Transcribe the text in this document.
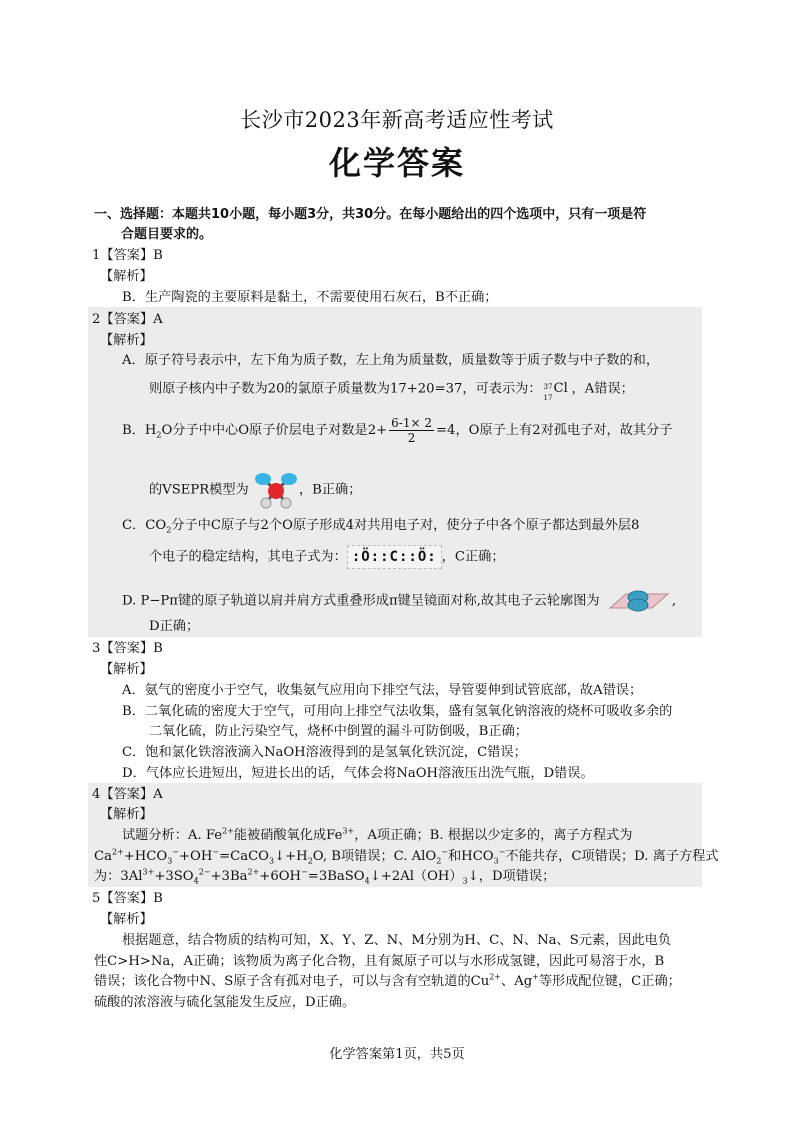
长沙市2023年新高考适应性考试
化学答案
一、选择题：本题共10小题，每小题3分，共30分。在每小题给出的四个选项中，只有一项是符
合题目要求的。
1【答案】B
【解析】
B．生产陶瓷的主要原料是黏土，不需要使用石灰石，B不正确；
2【答案】A
【解析】
A．原子符号表示中，左下角为质子数，左上角为质量数，质量数等于质子数与中子数的和，
则原子核内中子数为20的氯原子质量数为17+20=37，可表示为： 37
17
Cl ，A错误；
B．$H_2O$分子中中心O原子价层电子对数是$2+ \frac{6-1\times 2}{2} =4$，O原子上有2对孤电子对，故其分子
的VSEPR模型为	，B正确；
C．$CO_2$分子中C原子与2个O原子形成4对共用电子对，使分子中各个原子都达到最外层8
个电子的稳定结构，其电子式为： :Ö::C::Ö: ，C正确；
D. P−Pπ键的原子轨道以肩并肩方式重叠形成π键呈镜面对称,故其电子云轮廓图为	,
D正确；
3【答案】B
【解析】
A．氨气的密度小于空气，收集氨气应用向下排空气法，导管要伸到试管底部，故A错误；
B．二氧化硫的密度大于空气，可用向上排空气法收集，盛有氢氧化钠溶液的烧杯可吸收多余的
二氧化硫，防止污染空气，烧杯中倒置的漏斗可防倒吸，B正确；
C．饱和氯化铁溶液滴入NaOH溶液得到的是氢氧化铁沉淀，C错误；
D．气体应长进短出，短进长出的话，气体会将NaOH溶液压出洗气瓶，D错误。
4【答案】A
【解析】
试题分析：A. $Fe^{2+}$能被硝酸氧化成$Fe^{3+}$，A项正确；B. 根据以少定多的，离子方程式为
$Ca^{2+}+HCO_3^-+OH^-=CaCO_3↓+H_2O$, B项错误；C. AlO$_2$−和$HCO_3^-$不能共存，C项错误；D. 离子方程式
为：$3Al^{3+}+3SO_4^{2-}+3Ba^{2+}+6OH^-=3BaSO_4↓+2Al(OH)_3↓$，D项错误；
5【答案】B
【解析】
根据题意，结合物质的结构可知，X、Y、Z、N、M分别为H、C、N、Na、S元素，因此电负
性C>H>Na，A正确；该物质为离子化合物，且有氮原子可以与水形成氢键，因此可易溶于水，B
错误；该化合物中N、S原子含有孤对电子，可以与含有空轨道的$Cu^{2+}$、Ag+等形成配位键，C正确；
硫酸的浓溶液与硫化氢能发生反应，D正确。
化学答案第1页，共5页
